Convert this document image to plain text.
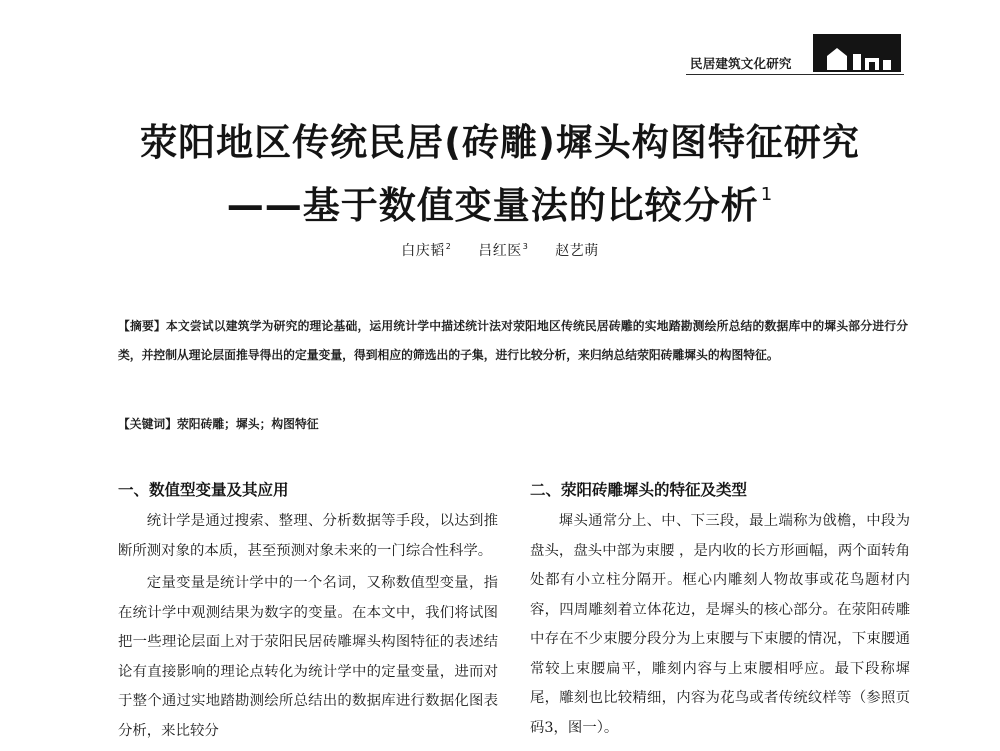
民居建筑文化研究
荥阳地区传统民居(砖雕)墀头构图特征研究
——基于数值变量法的比较分析 $^1$
白庆韬$^2$ 吕红医$^3$ 赵艺萌
【摘要】本文尝试以建筑学为研究的理论基础，运用统计学中描述统计法对荥阳地区传统民居砖雕的实地踏勘测绘所总结的数据库中的墀头部分进行分类，并控制从理论层面推导得出的定量变量，得到相应的筛选出的子集，进行比较分析，来归纳总结荥阳砖雕墀头的构图特征。
【关键词】荥阳砖雕；墀头；构图特征
一、数值型变量及其应用

统计学是通过搜索、整理、分析数据等手段，以达到推断所测对象的本质，甚至预测对象未来的一门综合性科学。

定量变量是统计学中的一个名词，又称数值型变量，指在统计学中观测结果为数字的变量。在本文中，我们将试图把一些理论层面上对于荥阳民居砖雕墀头构图特征的表述结论有直接影响的理论点转化为统计学中的定量变量，进而对于整个通过实地踏勘测绘所总结出的数据库进行数据化图表分析，来比较分

二、荥阳砖雕墀头的特征及类型

墀头通常分上、中、下三段，最上端称为戗檐，中段为盘头，盘头中部为束腰 ，是内收的长方形画幅，两个面转角处都有小立柱分隔开。框心内雕刻人物故事或花鸟题材内容，四周雕刻着立体花边，是墀头的核心部分。在荥阳砖雕中存在不少束腰分段分为上束腰与下束腰的情况，下束腰通常较上束腰扁平，雕刻内容与上束腰相呼应。最下段称墀尾，雕刻也比较精细，内容为花鸟或者传统纹样等（参照页码3，图一）。
